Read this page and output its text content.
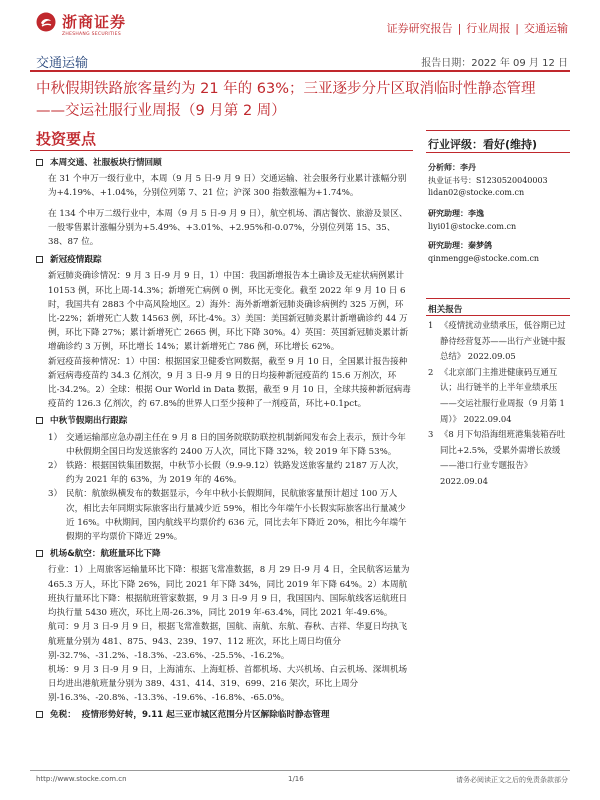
浙商证券
ZHESHANG SECURITIES	证券研究报告 | 行业周报 | 交通运输
交通运输	报告日期：2022 年 09 月 12 日
中秋假期铁路旅客量约为 21 年的 63%；三亚逐步分片区取消临时性静态管理
——交运社服行业周报（9 月第 2 周）
投资要点
本周交通、社服板块行情回顾

在 31 个申万一级行业中，本周（9 月 5 日-9 月 9 日）交通运输、社会服务行业累计涨幅分别为+4.19%、+1.04%，分别位列第 7、21 位；沪深 300 指数涨幅为+1.74%。

在 134 个申万二级行业中，本周（9 月 5 日-9 月 9 日），航空机场、酒店餐饮、旅游及景区、一般零售累计涨幅分别为+5.49%、+3.01%、+2.95%和-0.07%，分别位列第 15、35、38、87 位。

新冠疫情跟踪

新冠肺炎确诊情况：9 月 3 日-9 月 9 日，1）中国：我国新增报告本土确诊及无症状病例累计 10153 例，环比上周-14.3%；新增死亡病例 0 例，环比无变化。截至 2022 年 9 月 10 日 6 时，我国共有 2883 个中高风险地区。2）海外：海外新增新冠肺炎确诊病例约 325 万例，环比-22%；新增死亡人数 14563 例，环比-4%。3）美国：美国新冠肺炎累计新增确诊约 44 万例，环比下降 27%；累计新增死亡 2665 例，环比下降 30%。4）英国：英国新冠肺炎累计新增确诊约 3 万例，环比增长 14%；累计新增死亡 786 例，环比增长 62%。

新冠疫苗接种情况：1）中国：根据国家卫健委官网数据，截至 9 月 10 日，全国累计报告接种新冠病毒疫苗约 34.3 亿剂次，9 月 3 日-9 月 9 日的日均接种新冠疫苗约 15.6 万剂次，环比-34.2%。2）全球：根据 Our World in Data 数据，截至 9 月 10 日，全球共接种新冠病毒疫苗约 126.3 亿剂次，约 67.8%的世界人口至少接种了一剂疫苗，环比+0.1pct。

中秋节假期出行跟踪
1） 交通运输部应急办副主任在 9 月 8 日的国务院联防联控机制新闻发布会上表示，预计今年中秋假期全国日均发送旅客约 2400 万人次，同比下降 32%，较 2019 年下降 53%。
2） 铁路：根据国铁集团数据，中秋节小长假（9.9-9.12）铁路发送旅客量约 2187 万人次，约为 2021 年的 63%，为 2019 年的 46%。
3） 民航：航旅纵横发布的数据显示，今年中秋小长假期间，民航旅客量预计超过 100 万人次，相比去年同期实际旅客出行量减少近 59%，相比今年端午小长假实际旅客出行量减少近 16%。中秋期间，国内航线平均票价约 636 元，同比去年下降近 20%，相比今年端午假期的平均票价下降近 29%。
机场&航空：航班量环比下降

行业：1）上周旅客运输量环比下降：根据飞常准数据，8 月 29 日-9 月 4 日，全民航客运量为 465.3 万人，环比下降 26%，同比 2021 年下降 34%，同比 2019 年下降 64%。2）本周航班执行量环比下降：根据航班管家数据，9 月 3 日-9 月 9 日，我国国内、国际航线客运航班日均执行量 5430 班次，环比上周-26.3%，同比 2019 年-63.4%，同比 2021 年-49.6%。

航司：9 月 3 日-9 月 9 日，根据飞常准数据，国航、南航、东航、春秋、吉祥、华夏日均执飞航班量分别为 481、875、943、239、197、112 班次，环比上周日均值分别-32.7%、-31.2%、-18.3%、-23.6%、-25.5%、-16.2%。

机场：9 月 3 日-9 月 9 日，上海浦东、上海虹桥、首都机场、大兴机场、白云机场、深圳机场日均进出港航班量分别为 389、431、414、319、699、216 架次，环比上周分别-16.3%、-20.8%、-13.3%、-19.6%、-16.8%、-65.0%。

免税： 疫情形势好转，9.11 起三亚市城区范围分片区解除临时静态管理
行业评级：看好(维持)
分析师：李丹
执业证书号：S1230520040003
lidan02@stocke.com.cn
研究助理：李逸
liyi01@stocke.com.cn
研究助理：秦梦鸽
qinmengge@stocke.com.cn
相关报告
1 《疫情扰动业绩承压，低谷期已过静待经营复苏——出行产业链中报总结》 2022.09.05
2 《北京部门主推进健康码互通互认；出行链半的上半年业绩承压——交运社服行业周报（9 月第 1 周）》 2022.09.04
3 《8 月下旬沿海组班港集装箱吞吐同比+2.5%，受累外需增长放缓——港口行业专题报告》 2022.09.04
http://www.stocke.com.cn	1/16	请务必阅读正文之后的免责条款部分
